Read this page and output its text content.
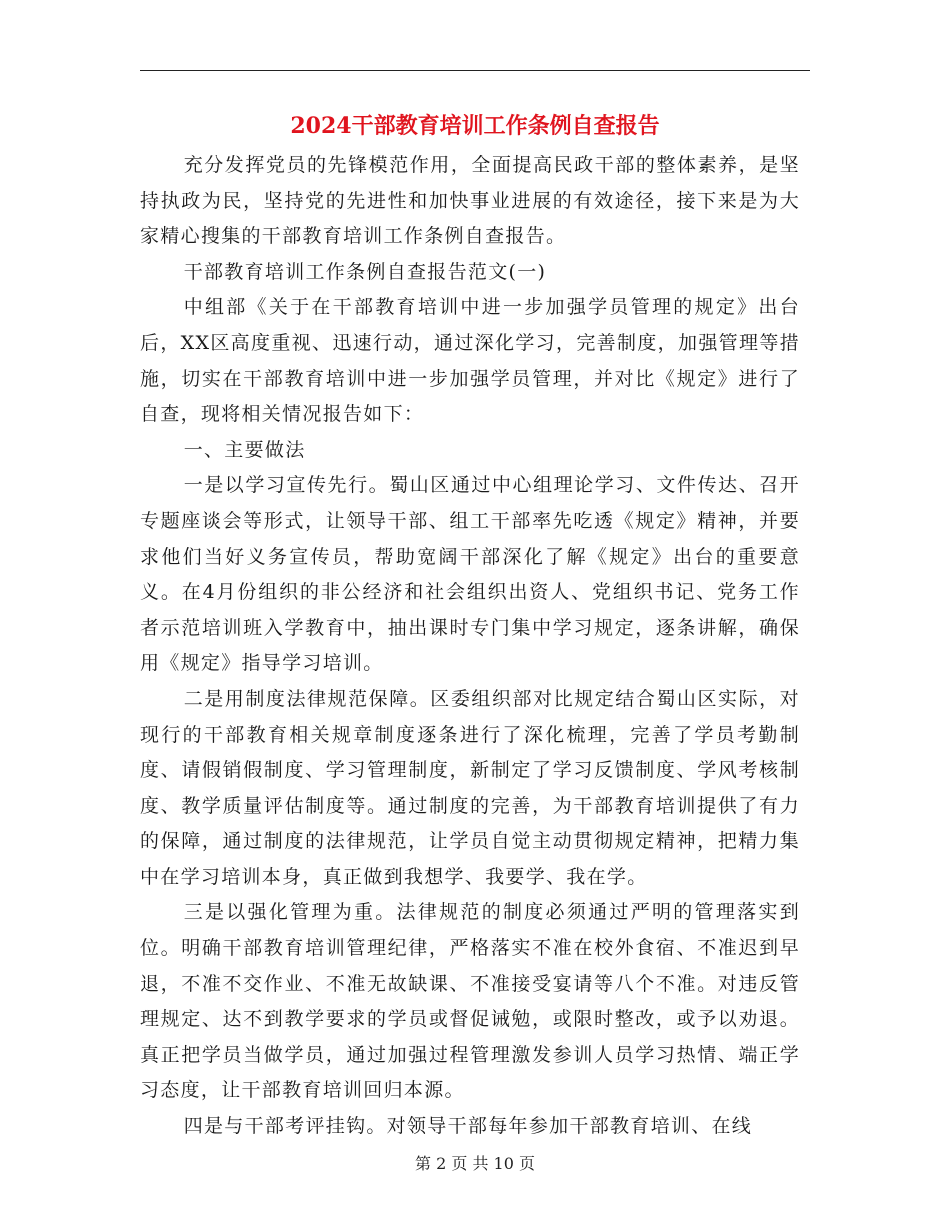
2024干部教育培训工作条例自查报告

充分发挥党员的先锋模范作用，全面提高民政干部的整体素养，是坚持执政为民，坚持党的先进性和加快事业进展的有效途径，接下来是为大家精心搜集的干部教育培训工作条例自查报告。

干部教育培训工作条例自查报告范文(一)

中组部《关于在干部教育培训中进一步加强学员管理的规定》出台后，XX区高度重视、迅速行动，通过深化学习，完善制度，加强管理等措施，切实在干部教育培训中进一步加强学员管理，并对比《规定》进行了自查，现将相关情况报告如下：

一、主要做法

一是以学习宣传先行。蜀山区通过中心组理论学习、文件传达、召开专题座谈会等形式，让领导干部、组工干部率先吃透《规定》精神，并要求他们当好义务宣传员，帮助宽阔干部深化了解《规定》出台的重要意义。在4月份组织的非公经济和社会组织出资人、党组织书记、党务工作者示范培训班入学教育中，抽出课时专门集中学习规定，逐条讲解，确保用《规定》指导学习培训。

二是用制度法律规范保障。区委组织部对比规定结合蜀山区实际，对现行的干部教育相关规章制度逐条进行了深化梳理，完善了学员考勤制度、请假销假制度、学习管理制度，新制定了学习反馈制度、学风考核制度、教学质量评估制度等。通过制度的完善，为干部教育培训提供了有力的保障，通过制度的法律规范，让学员自觉主动贯彻规定精神，把精力集中在学习培训本身，真正做到我想学、我要学、我在学。

三是以强化管理为重。法律规范的制度必须通过严明的管理落实到位。明确干部教育培训管理纪律，严格落实不准在校外食宿、不准迟到早退，不准不交作业、不准无故缺课、不准接受宴请等八个不准。对违反管理规定、达不到教学要求的学员或督促诫勉，或限时整改，或予以劝退。真正把学员当做学员，通过加强过程管理激发参训人员学习热情、端正学习态度，让干部教育培训回归本源。

四是与干部考评挂钩。对领导干部每年参加干部教育培训、在线

第 2 页 共 10 页
